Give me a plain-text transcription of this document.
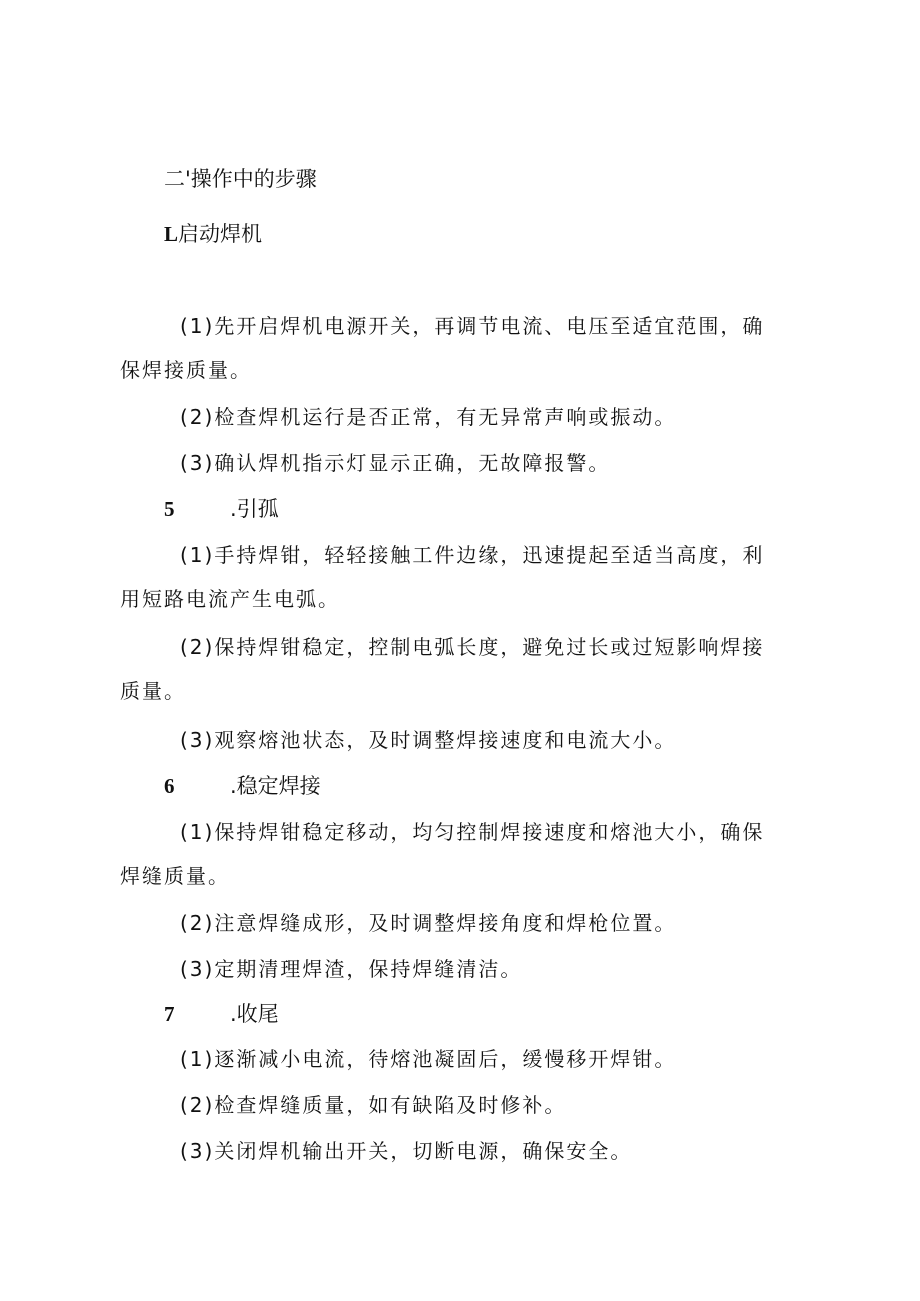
二'操作中的步骤
L启动焊机
(1)先开启焊机电源开关，再调节电流、电压至适宜范围，确
保焊接质量。
(2)检查焊机运行是否正常，有无异常声响或振动。
(3)确认焊机指示灯显示正确，无故障报警。
5	.引孤
(1)手持焊钳，轻轻接触工件边缘，迅速提起至适当高度，利
用短路电流产生电弧。
(2)保持焊钳稳定，控制电弧长度，避免过长或过短影响焊接
质量。
(3)观察熔池状态，及时调整焊接速度和电流大小。
6	.稳定焊接
(1)保持焊钳稳定移动，均匀控制焊接速度和熔池大小，确保
焊缝质量。
(2)注意焊缝成形，及时调整焊接角度和焊枪位置。
(3)定期清理焊渣，保持焊缝清洁。
7	.收尾
(1)逐渐减小电流，待熔池凝固后，缓慢移开焊钳。
(2)检查焊缝质量，如有缺陷及时修补。
(3)关闭焊机输出开关，切断电源，确保安全。
